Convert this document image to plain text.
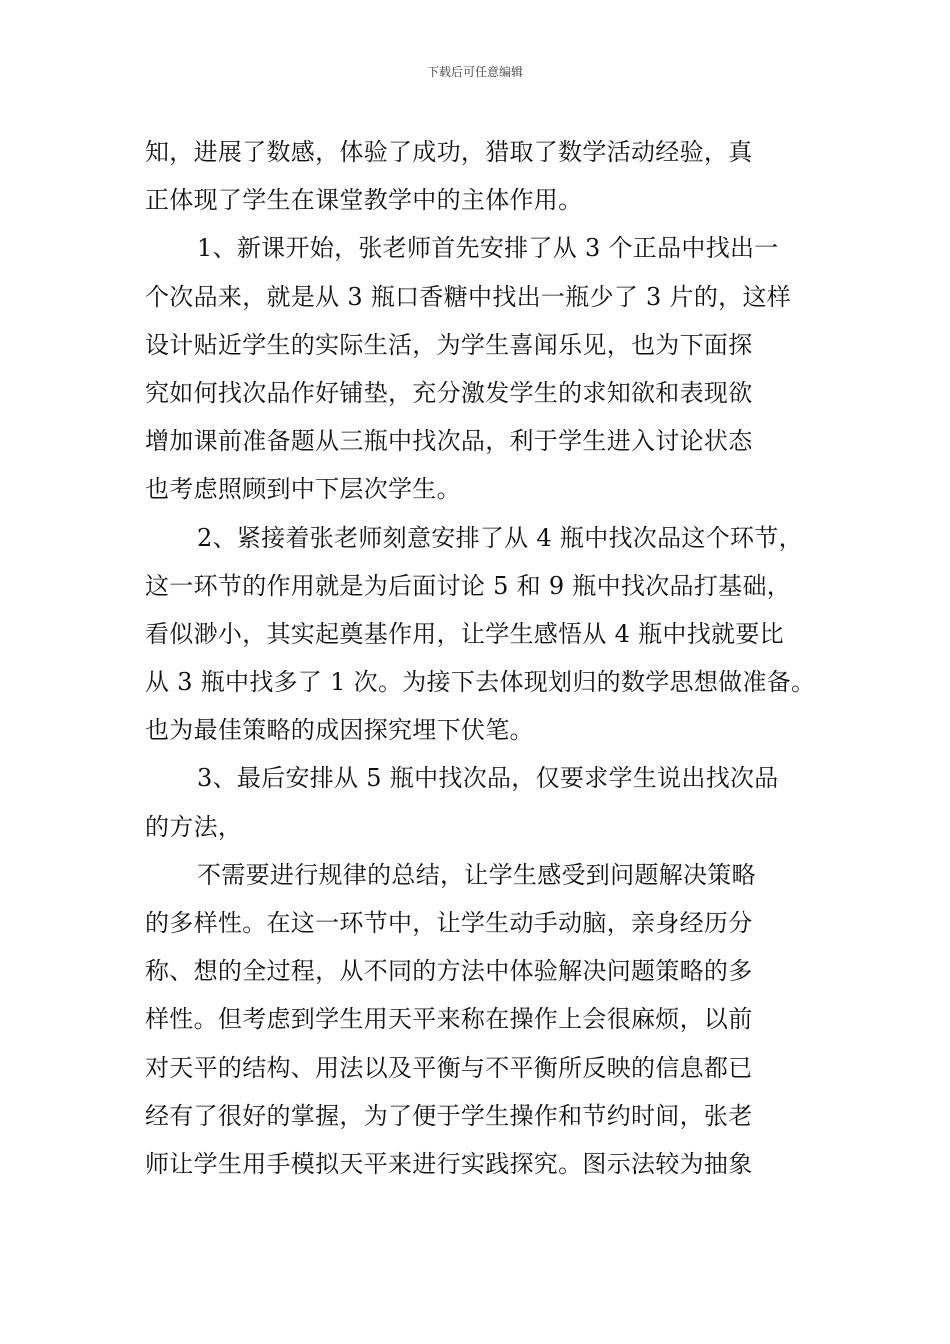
下载后可任意编辑
知，进展了数感，体验了成功，猎取了数学活动经验，真
正体现了学生在课堂教学中的主体作用。
1、新课开始，张老师首先安排了从 3 个正品中找出一
个次品来，就是从 3 瓶口香糖中找出一瓶少了 3 片的，这样
设计贴近学生的实际生活，为学生喜闻乐见，也为下面探
究如何找次品作好铺垫，充分激发学生的求知欲和表现欲
增加课前准备题从三瓶中找次品，利于学生进入讨论状态
也考虑照顾到中下层次学生。
2、紧接着张老师刻意安排了从 4 瓶中找次品这个环节，
这一环节的作用就是为后面讨论 5 和 9 瓶中找次品打基础，
看似渺小，其实起奠基作用，让学生感悟从 4 瓶中找就要比
从 3 瓶中找多了 1 次。为接下去体现划归的数学思想做准备。
也为最佳策略的成因探究埋下伏笔。
3、最后安排从 5 瓶中找次品，仅要求学生说出找次品
的方法，
不需要进行规律的总结，让学生感受到问题解决策略
的多样性。在这一环节中，让学生动手动脑，亲身经历分
称、想的全过程，从不同的方法中体验解决问题策略的多
样性。但考虑到学生用天平来称在操作上会很麻烦，以前
对天平的结构、用法以及平衡与不平衡所反映的信息都已
经有了很好的掌握，为了便于学生操作和节约时间，张老
师让学生用手模拟天平来进行实践探究。图示法较为抽象
